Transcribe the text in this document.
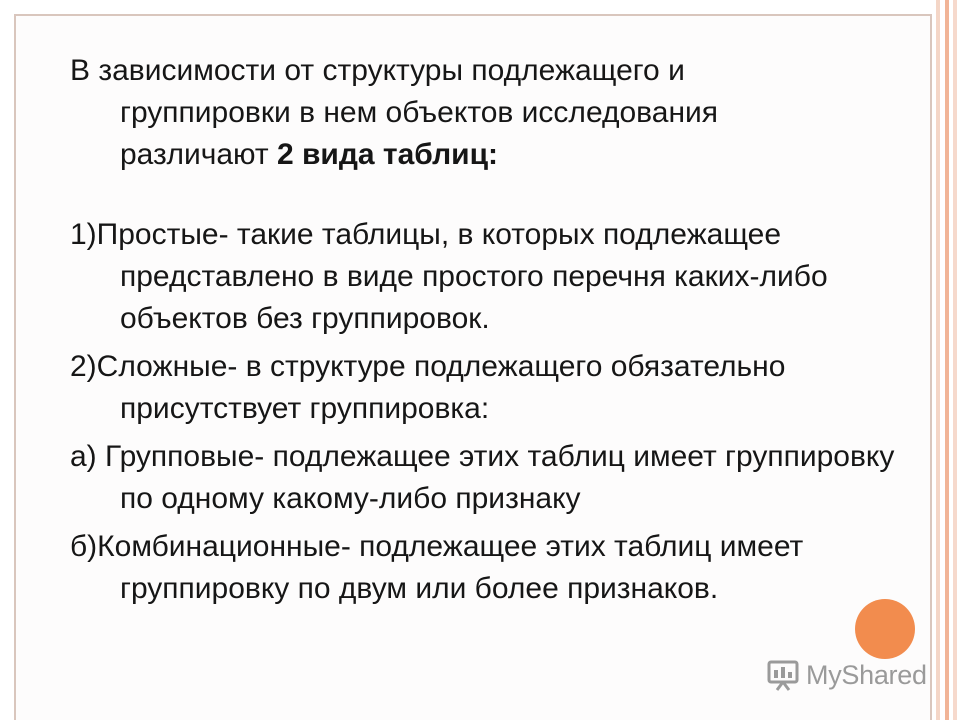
В зависимости от структуры подлежащего и
группировки в нем объектов исследования
различают 2 вида таблиц:

1)Простые- такие таблицы, в которых подлежащее представлено в виде простого перечня каких-либо объектов без группировок.

2)Сложные- в структуре подлежащего обязательно присутствует группировка:

а) Групповые- подлежащее этих таблиц имеет группировку по одному какому-либо признаку

б)Комбинационные- подлежащее этих таблиц имеет группировку по двум или более признаков.

MyShared
